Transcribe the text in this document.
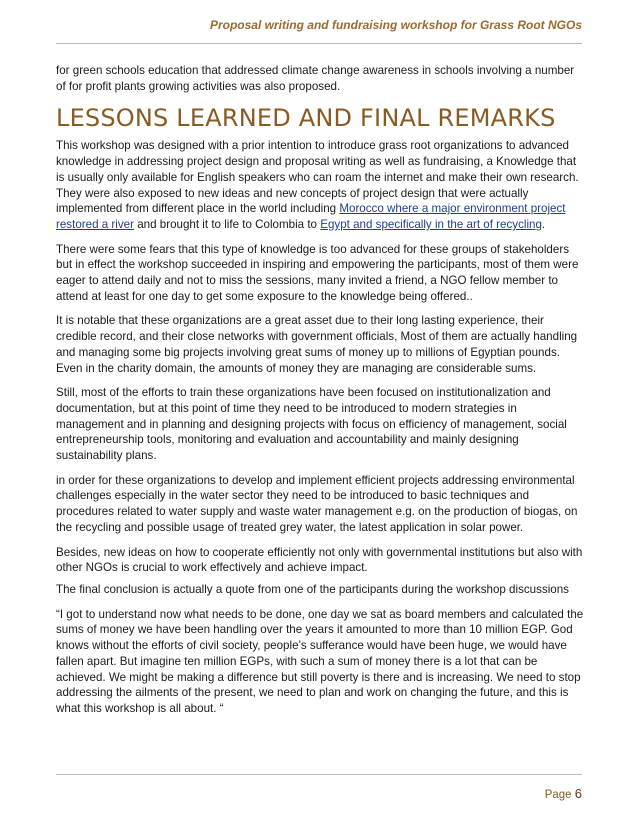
Proposal writing and fundraising workshop for Grass Root NGOs

for green schools education that addressed climate change awareness in schools involving a number of for profit plants growing activities was also proposed.

LESSONS LEARNED AND FINAL REMARKS

This workshop was designed with a prior intention to introduce grass root organizations to advanced knowledge in addressing project design and proposal writing as well as fundraising, a Knowledge that is usually only available for English speakers who can roam the internet and make their own research. They were also exposed to new ideas and new concepts of project design that were actually implemented from different place in the world including Morocco where a major environment project restored a river and brought it to life to Colombia to Egypt and specifically in the art of recycling.

There were some fears that this type of knowledge is too advanced for these groups of stakeholders but in effect the workshop succeeded in inspiring and empowering the participants, most of them were eager to attend daily and not to miss the sessions, many invited a friend, a NGO fellow member to attend at least for one day to get some exposure to the knowledge being offered..

It is notable that these organizations are a great asset due to their long lasting experience, their credible record, and their close networks with government officials, Most of them are actually handling and managing some big projects involving great sums of money up to millions of Egyptian pounds. Even in the charity domain, the amounts of money they are managing are considerable sums.

Still, most of the efforts to train these organizations have been focused on institutionalization and documentation, but at this point of time they need to be introduced to modern strategies in management and in planning and designing projects with focus on efficiency of management, social entrepreneurship tools, monitoring and evaluation and accountability and mainly designing sustainability plans.

in order for these organizations to develop and implement efficient projects addressing environmental challenges especially in the water sector they need to be introduced to basic techniques and procedures related to water supply and waste water management e.g. on the production of biogas, on the recycling and possible usage of treated grey water, the latest application in solar power.

Besides, new ideas on how to cooperate efficiently not only with governmental institutions but also with other NGOs is crucial to work effectively and achieve impact.

The final conclusion is actually a quote from one of the participants during the workshop discussions

“I got to understand now what needs to be done, one day we sat as board members and calculated the sums of money we have been handling over the years it amounted to more than 10 million EGP. God knows without the efforts of civil society, people’s sufferance would have been huge, we would have fallen apart. But imagine ten million EGPs, with such a sum of money there is a lot that can be achieved. We might be making a difference but still poverty is there and is increasing. We need to stop addressing the ailments of the present, we need to plan and work on changing the future, and this is what this workshop is all about. “

Page 6
